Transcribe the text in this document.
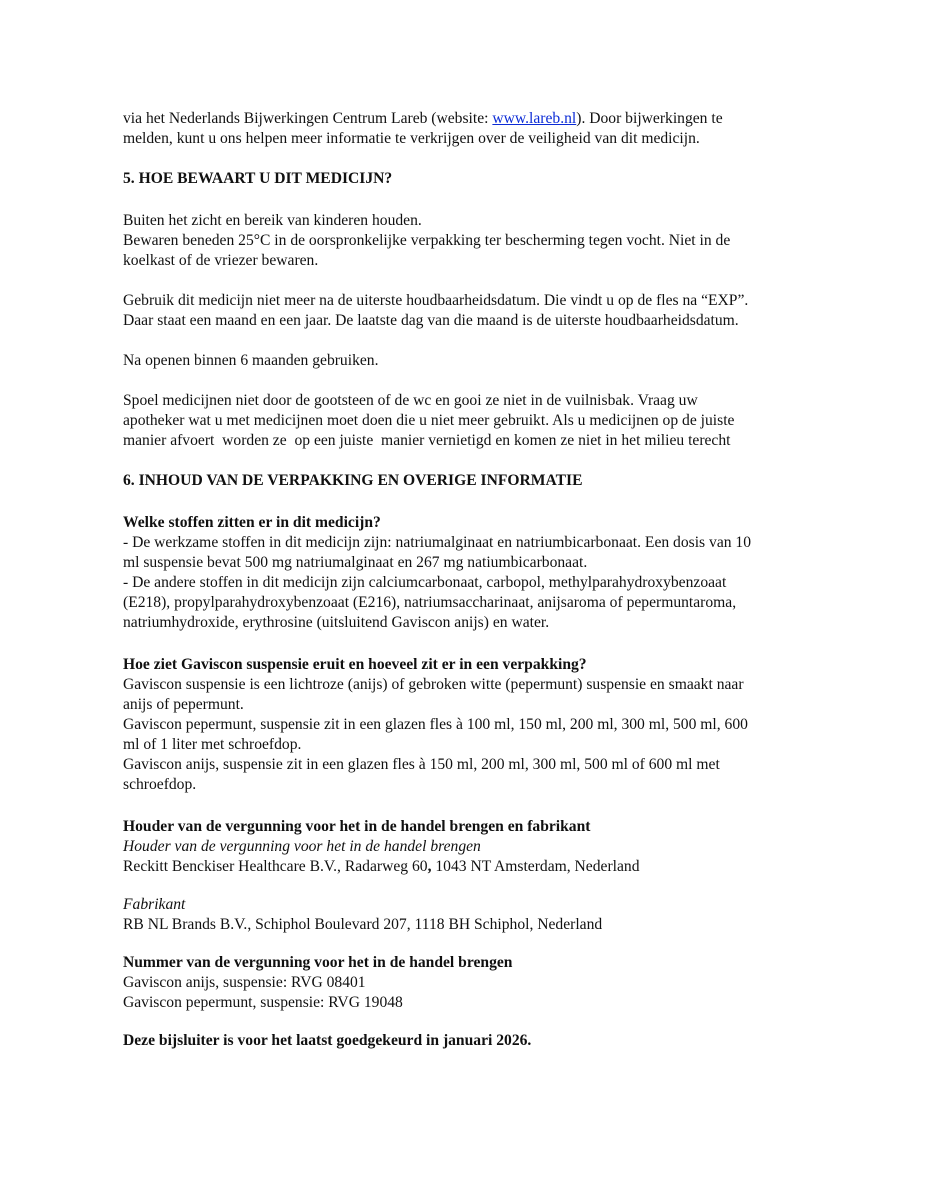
via het Nederlands Bijwerkingen Centrum Lareb (website: www.lareb.nl). Door bijwerkingen te

melden, kunt u ons helpen meer informatie te verkrijgen over de veiligheid van dit medicijn.

5. HOE BEWAART U DIT MEDICIJN?

Buiten het zicht en bereik van kinderen houden.

Bewaren beneden 25°C in de oorspronkelijke verpakking ter bescherming tegen vocht. Niet in de

koelkast of de vriezer bewaren.

Gebruik dit medicijn niet meer na de uiterste houdbaarheidsdatum. Die vindt u op de fles na “EXP”.

Daar staat een maand en een jaar. De laatste dag van die maand is de uiterste houdbaarheidsdatum.

Na openen binnen 6 maanden gebruiken.

Spoel medicijnen niet door de gootsteen of de wc en gooi ze niet in de vuilnisbak. Vraag uw

apotheker wat u met medicijnen moet doen die u niet meer gebruikt. Als u medicijnen op de juiste

manier afvoert  worden ze  op een juiste  manier vernietigd en komen ze niet in het milieu terecht

6. INHOUD VAN DE VERPAKKING EN OVERIGE INFORMATIE

Welke stoffen zitten er in dit medicijn?

- De werkzame stoffen in dit medicijn zijn: natriumalginaat en natriumbicarbonaat. Een dosis van 10

ml suspensie bevat 500 mg natriumalginaat en 267 mg natiumbicarbonaat.

- De andere stoffen in dit medicijn zijn calciumcarbonaat, carbopol, methylparahydroxybenzoaat

(E218), propylparahydroxybenzoaat (E216), natriumsaccharinaat, anijsaroma of pepermuntaroma,

natriumhydroxide, erythrosine (uitsluitend Gaviscon anijs) en water.

Hoe ziet Gaviscon suspensie eruit en hoeveel zit er in een verpakking?

Gaviscon suspensie is een lichtroze (anijs) of gebroken witte (pepermunt) suspensie en smaakt naar

anijs of pepermunt.

Gaviscon pepermunt, suspensie zit in een glazen fles à 100 ml, 150 ml, 200 ml, 300 ml, 500 ml, 600

ml of 1 liter met schroefdop.

Gaviscon anijs, suspensie zit in een glazen fles à 150 ml, 200 ml, 300 ml, 500 ml of 600 ml met

schroefdop.

Houder van de vergunning voor het in de handel brengen en fabrikant

Houder van de vergunning voor het in de handel brengen

Reckitt Benckiser Healthcare B.V., Radarweg 60, 1043 NT Amsterdam, Nederland

Fabrikant

RB NL Brands B.V., Schiphol Boulevard 207, 1118 BH Schiphol, Nederland

Nummer van de vergunning voor het in de handel brengen

Gaviscon anijs, suspensie: RVG 08401

Gaviscon pepermunt, suspensie: RVG 19048

Deze bijsluiter is voor het laatst goedgekeurd in januari 2026.
